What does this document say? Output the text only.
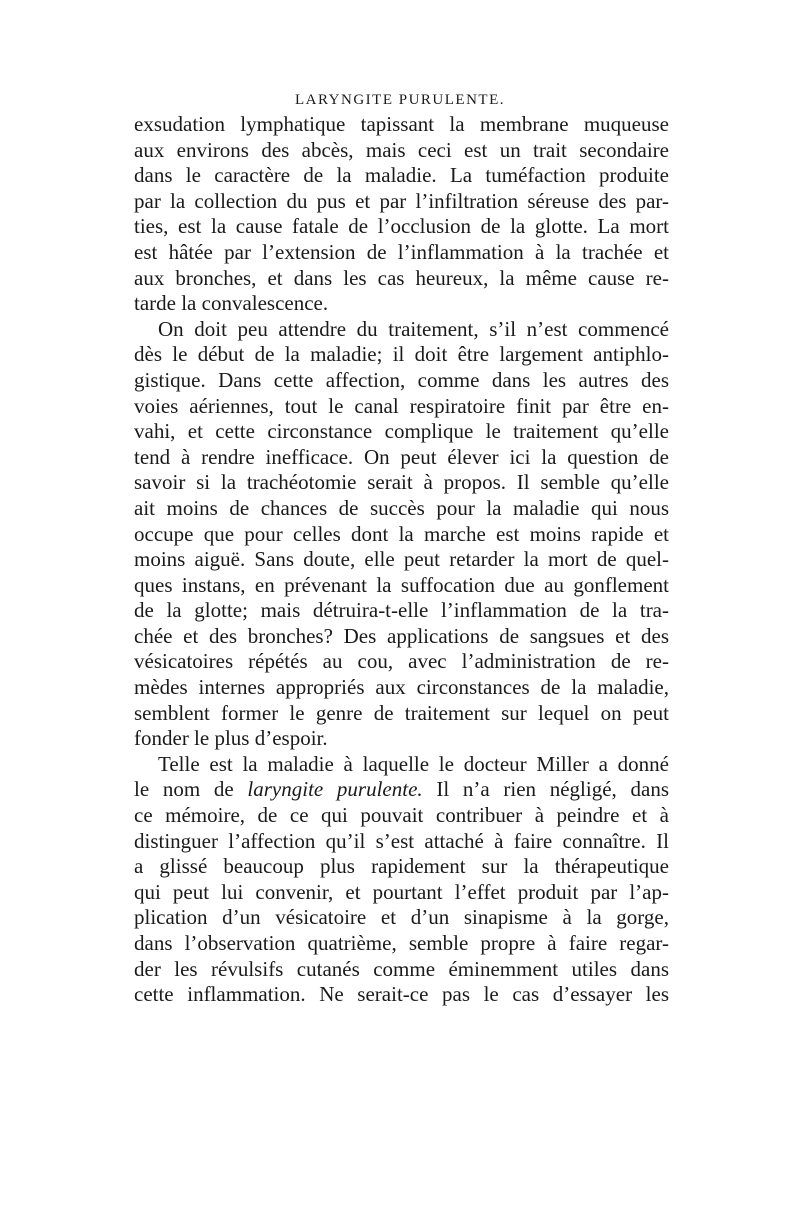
LARYNGITE PURULENTE.
exsudation lymphatique tapissant la membrane muqueuse
aux environs des abcès, mais ceci est un trait secondaire
dans le caractère de la maladie. La tuméfaction produite
par la collection du pus et par l’infiltration séreuse des par-
ties, est la cause fatale de l’occlusion de la glotte. La mort
est hâtée par l’extension de l’inflammation à la trachée et
aux bronches, et dans les cas heureux, la même cause re-
tarde la convalescence.
On doit peu attendre du traitement, s’il n’est commencé
dès le début de la maladie; il doit être largement antiphlo-
gistique. Dans cette affection, comme dans les autres des
voies aériennes, tout le canal respiratoire finit par être en-
vahi, et cette circonstance complique le traitement qu’elle
tend à rendre inefficace. On peut élever ici la question de
savoir si la trachéotomie serait à propos. Il semble qu’elle
ait moins de chances de succès pour la maladie qui nous
occupe que pour celles dont la marche est moins rapide et
moins aiguë. Sans doute, elle peut retarder la mort de quel-
ques instans, en prévenant la suffocation due au gonflement
de la glotte; mais détruira-t-elle l’inflammation de la tra-
chée et des bronches? Des applications de sangsues et des
vésicatoires répétés au cou, avec l’administration de re-
mèdes internes appropriés aux circonstances de la maladie,
semblent former le genre de traitement sur lequel on peut
fonder le plus d’espoir.
Telle est la maladie à laquelle le docteur Miller a donné
le nom de laryngite purulente. Il n’a rien négligé, dans
ce mémoire, de ce qui pouvait contribuer à peindre et à
distinguer l’affection qu’il s’est attaché à faire connaître. Il
a glissé beaucoup plus rapidement sur la thérapeutique
qui peut lui convenir, et pourtant l’effet produit par l’ap-
plication d’un vésicatoire et d’un sinapisme à la gorge,
dans l’observation quatrième, semble propre à faire regar-
der les révulsifs cutanés comme éminemment utiles dans
cette inflammation. Ne serait-ce pas le cas d’essayer les
